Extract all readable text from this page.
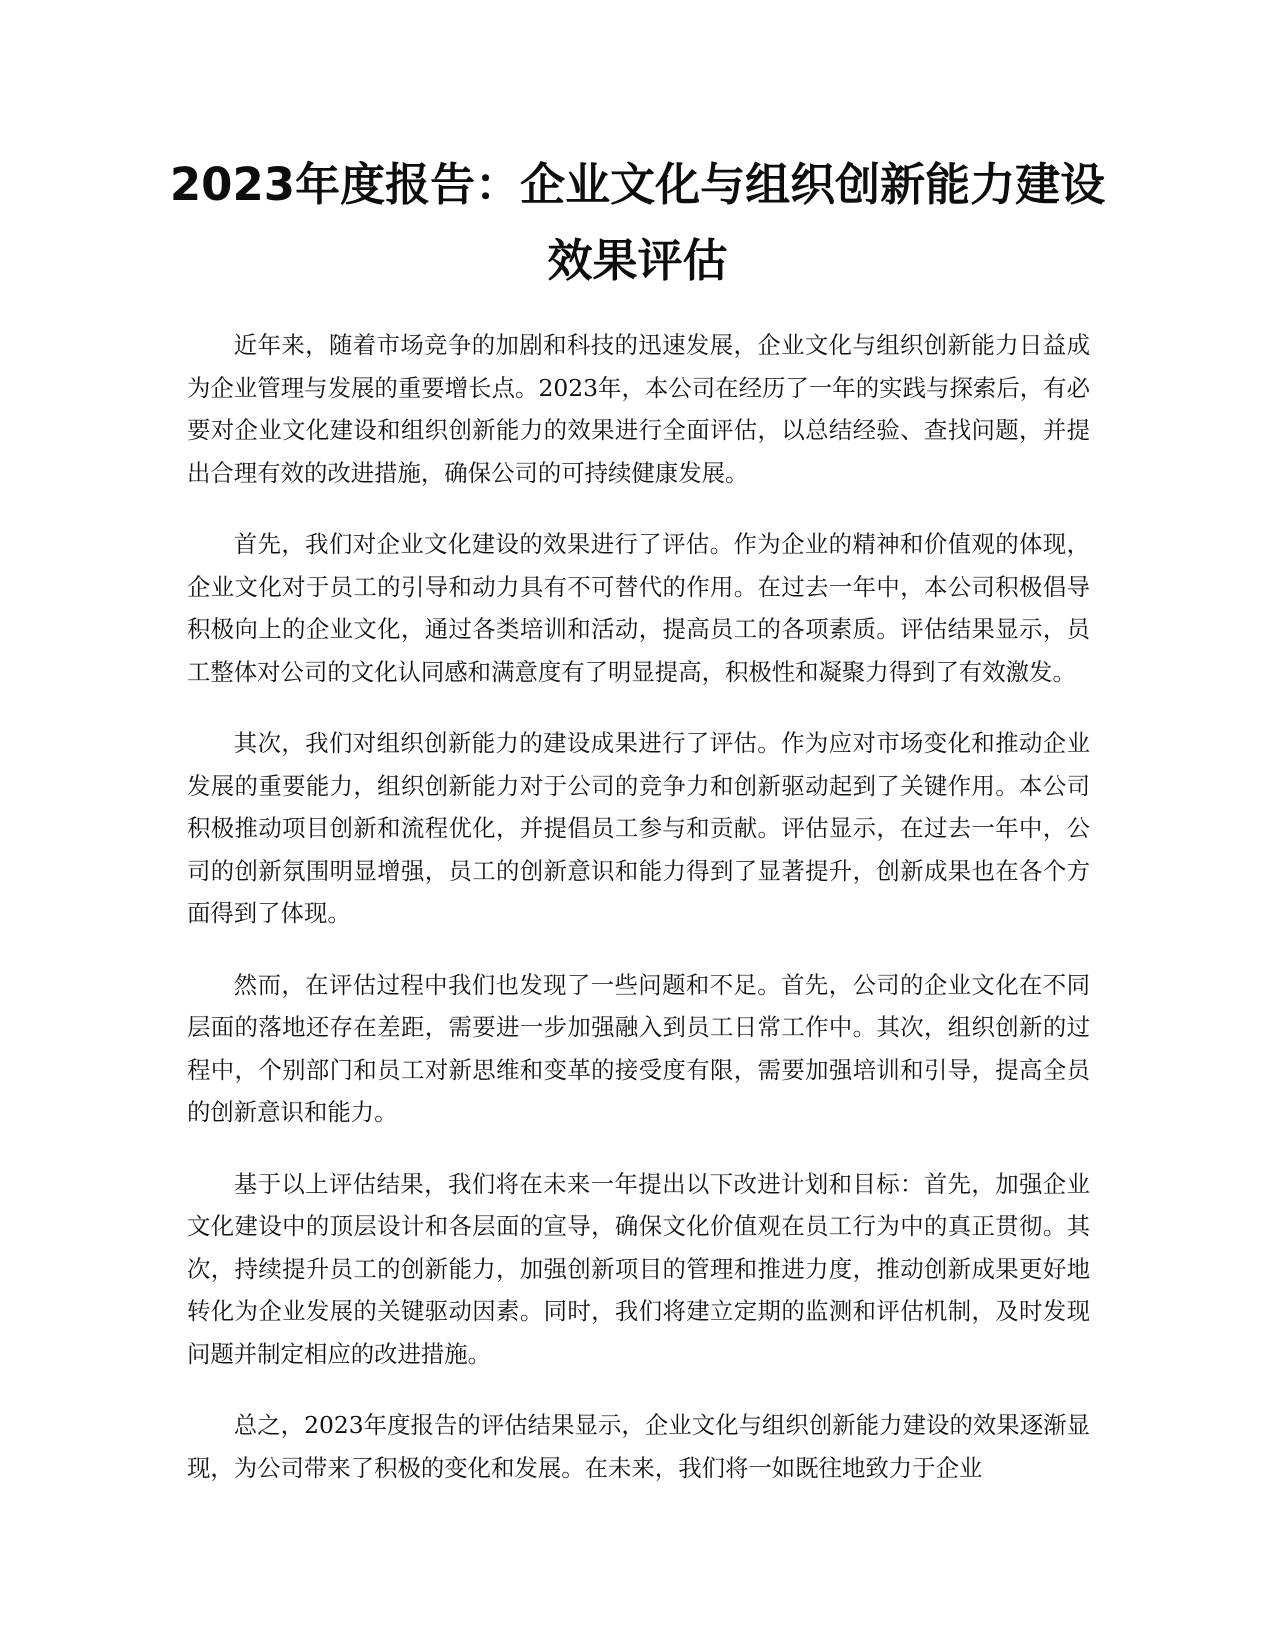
2023年度报告：企业文化与组织创新能力建设效果评估

近年来，随着市场竞争的加剧和科技的迅速发展，企业文化与组织创新能力日益成为企业管理与发展的重要增长点。2023年，本公司在经历了一年的实践与探索后，有必要对企业文化建设和组织创新能力的效果进行全面评估，以总结经验、查找问题，并提出合理有效的改进措施，确保公司的可持续健康发展。

首先，我们对企业文化建设的效果进行了评估。作为企业的精神和价值观的体现，企业文化对于员工的引导和动力具有不可替代的作用。在过去一年中，本公司积极倡导积极向上的企业文化，通过各类培训和活动，提高员工的各项素质。评估结果显示，员工整体对公司的文化认同感和满意度有了明显提高，积极性和凝聚力得到了有效激发。

其次，我们对组织创新能力的建设成果进行了评估。作为应对市场变化和推动企业发展的重要能力，组织创新能力对于公司的竞争力和创新驱动起到了关键作用。本公司积极推动项目创新和流程优化，并提倡员工参与和贡献。评估显示，在过去一年中，公司的创新氛围明显增强，员工的创新意识和能力得到了显著提升，创新成果也在各个方面得到了体现。

然而，在评估过程中我们也发现了一些问题和不足。首先，公司的企业文化在不同层面的落地还存在差距，需要进一步加强融入到员工日常工作中。其次，组织创新的过程中，个别部门和员工对新思维和变革的接受度有限，需要加强培训和引导，提高全员的创新意识和能力。

基于以上评估结果，我们将在未来一年提出以下改进计划和目标：首先，加强企业文化建设中的顶层设计和各层面的宣导，确保文化价值观在员工行为中的真正贯彻。其次，持续提升员工的创新能力，加强创新项目的管理和推进力度，推动创新成果更好地转化为企业发展的关键驱动因素。同时，我们将建立定期的监测和评估机制，及时发现问题并制定相应的改进措施。

总之，2023年度报告的评估结果显示，企业文化与组织创新能力建设的效果逐渐显现，为公司带来了积极的变化和发展。在未来，我们将一如既往地致力于企业
